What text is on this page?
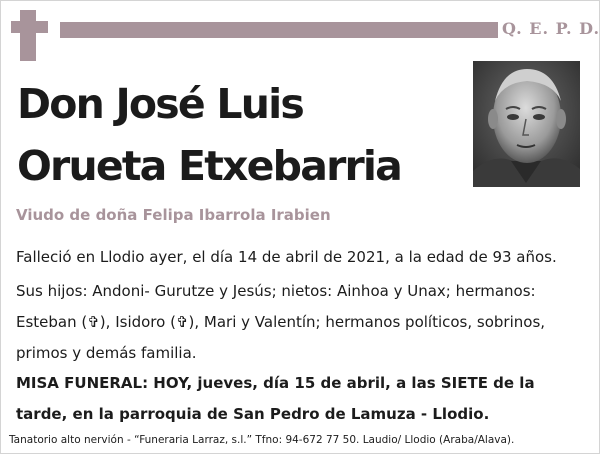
Q. E. P. D.
Don José Luis
Orueta Etxebarria
Viudo de doña Felipa Ibarrola Irabien
Falleció en Llodio ayer, el día 14 de abril de 2021, a la edad de 93 años.
Sus hijos: Andoni- Gurutze y Jesús; nietos: Ainhoa y Unax; hermanos: Esteban (✞), Isidoro (✞), Mari y Valentín; hermanos políticos, sobrinos, primos y demás familia.
MISA FUNERAL: HOY, jueves, día 15 de abril, a las SIETE de la tarde, en la parroquia de San Pedro de Lamuza - Llodio.
Tanatorio alto nervión - “Funeraria Larraz, s.l.” Tfno: 94-672 77 50. Laudio/ Llodio (Araba/Alava).
